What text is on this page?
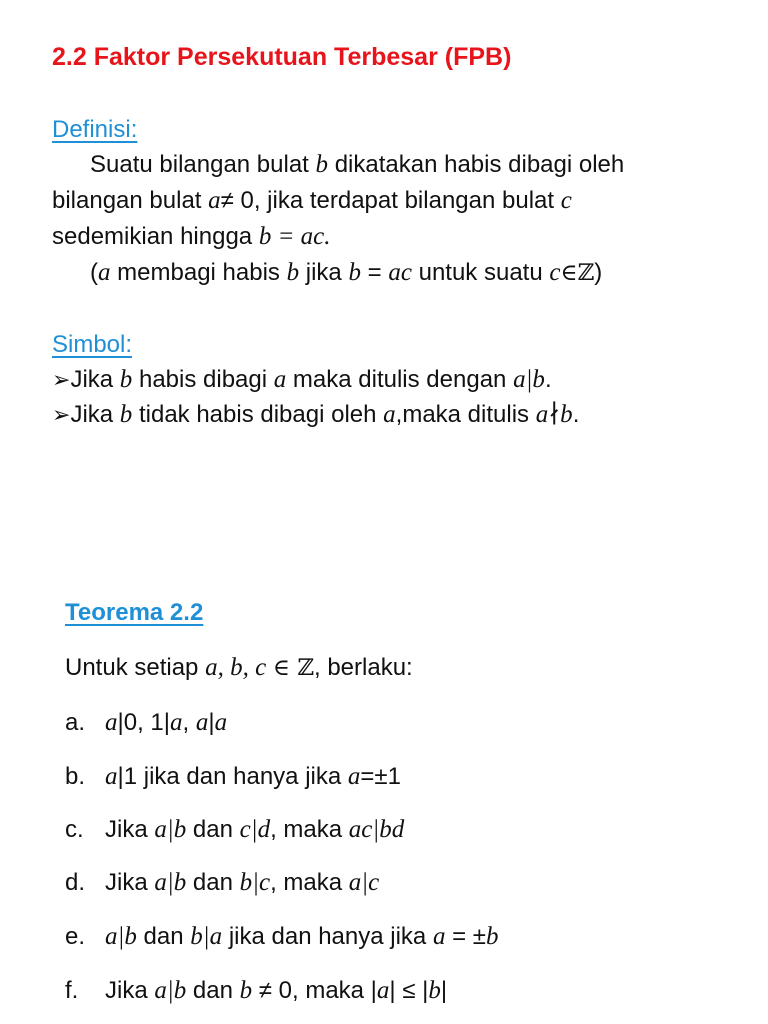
2.2 Faktor Persekutuan Terbesar (FPB)
Definisi:
Suatu bilangan bulat b dikatakan habis dibagi oleh
bilangan bulat a≠ 0, jika terdapat bilangan bulat c
sedemikian hingga b = ac.
(a membagi habis b jika b = ac untuk suatu c∈ℤ)
Simbol:
➢Jika b habis dibagi a maka ditulis dengan a|b.
➢Jika b tidak habis dibagi oleh a,maka ditulis a∤b.
Teorema 2.2
Untuk setiap a, b, c ∈ ℤ, berlaku:
a. a|0, 1|a, a|a
b. a|1 jika dan hanya jika a=±1
c. Jika a|b dan c|d, maka ac|bd
d. Jika a|b dan b|c, maka a|c
e. a|b dan b|a jika dan hanya jika a = ±b
f. Jika a|b dan b ≠ 0, maka |a| ≤ |b|
